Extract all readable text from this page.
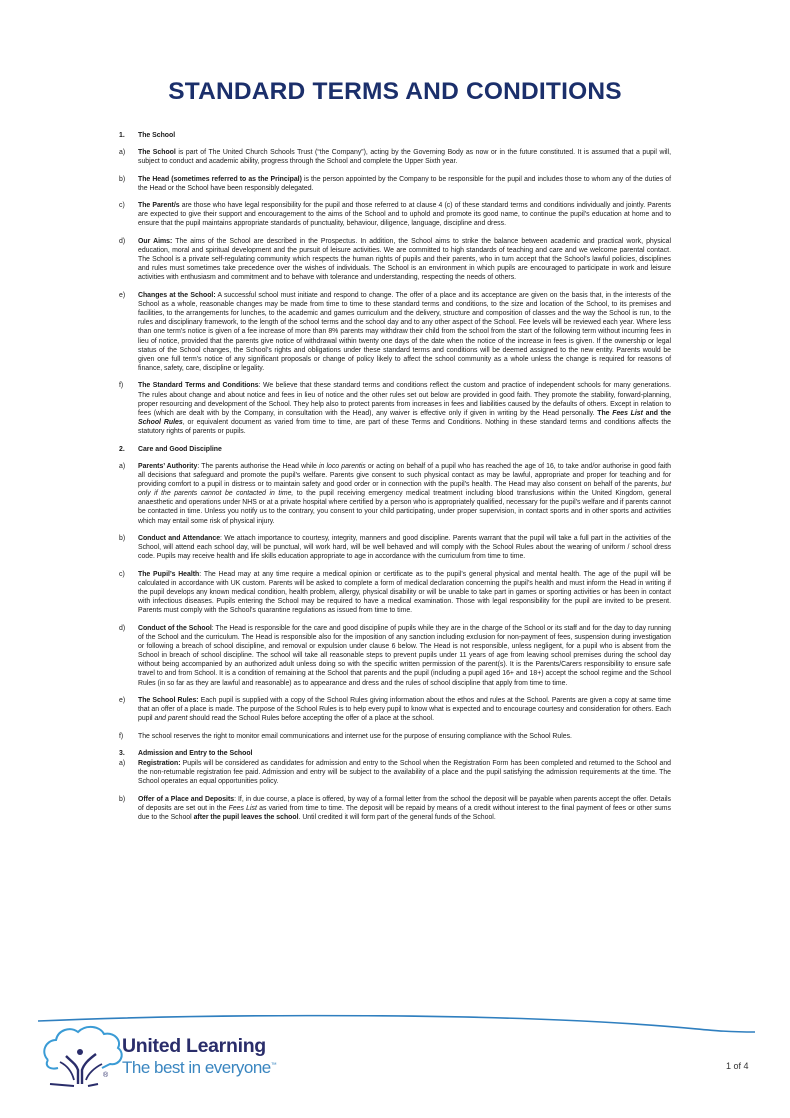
STANDARD TERMS AND CONDITIONS
1.	The School
a)	The School is part of The United Church Schools Trust (“the Company”), acting by the Governing Body as now or in the future constituted. It is assumed that a pupil will, subject to conduct and academic ability, progress through the School and complete the Upper Sixth year.
b)	The Head (sometimes referred to as the Principal) is the person appointed by the Company to be responsible for the pupil and includes those to whom any of the duties of the Head or the School have been responsibly delegated.
c)	The Parent/s are those who have legal responsibility for the pupil and those referred to at clause 4 (c) of these standard terms and conditions individually and jointly. Parents are expected to give their support and encouragement to the aims of the School and to uphold and promote its good name, to continue the pupil’s education at home and to ensure that the pupil maintains appropriate standards of punctuality, behaviour, diligence, language, discipline and dress.
d)	Our Aims: The aims of the School are described in the Prospectus. In addition, the School aims to strike the balance between academic and practical work, physical education, moral and spiritual development and the pursuit of leisure activities. We are committed to high standards of teaching and care and we welcome parental contact. The School is a private self-regulating community which respects the human rights of pupils and their parents, who in turn accept that the School’s lawful policies, disciplines and rules must sometimes take precedence over the wishes of individuals. The School is an environment in which pupils are encouraged to participate in work and leisure activities with enthusiasm and commitment and to behave with tolerance and understanding, respecting the needs of others.
e)	Changes at the School: A successful school must initiate and respond to change. The offer of a place and its acceptance are given on the basis that, in the interests of the School as a whole, reasonable changes may be made from time to time to these standard terms and conditions, to the size and location of the School, to its premises and facilities, to the arrangements for lunches, to the academic and games curriculum and the delivery, structure and composition of classes and the way the School is run, to the rules and disciplinary framework, to the length of the school terms and the school day and to any other aspect of the School. Fee levels will be reviewed each year. Where less than one term’s notice is given of a fee increase of more than 8% parents may withdraw their child from the school from the start of the following term without incurring fees in lieu of notice, provided that the parents give notice of withdrawal within twenty one days of the date when the notice of the increase in fees is given. If the ownership or legal status of the School changes, the School’s rights and obligations under these standard terms and conditions will be deemed assigned to the new entity. Parents would be given one full term’s notice of any significant proposals or change of policy likely to affect the school community as a whole unless the change is required for reasons of finance, safety, care, discipline or legality.
f)	The Standard Terms and Conditions: We believe that these standard terms and conditions reflect the custom and practice of independent schools for many generations. The rules about change and about notice and fees in lieu of notice and the other rules set out below are provided in good faith. They promote the stability, forward-planning, proper resourcing and development of the School. They help also to protect parents from increases in fees and liabilities caused by the defaults of others. Except in relation to fees (which are dealt with by the Company, in consultation with the Head), any waiver is effective only if given in writing by the Head personally. The Fees List and the School Rules, or equivalent document as varied from time to time, are part of these Terms and Conditions. Nothing in these standard terms and conditions affects the statutory rights of parents or pupils.
2.	Care and Good Discipline
a)	Parents’ Authority: The parents authorise the Head while in loco parentis or acting on behalf of a pupil who has reached the age of 16, to take and/or authorise in good faith all decisions that safeguard and promote the pupil’s welfare. Parents give consent to such physical contact as may be lawful, appropriate and proper for teaching and for providing comfort to a pupil in distress or to maintain safety and good order or in connection with the pupil’s health. The Head may also consent on behalf of the parents, but only if the parents cannot be contacted in time, to the pupil receiving emergency medical treatment including blood transfusions within the United Kingdom, general anaesthetic and operations under NHS or at a private hospital where certified by a person who is appropriately qualified, necessary for the pupil’s welfare and if parents cannot be contacted in time. Unless you notify us to the contrary, you consent to your child participating, under proper supervision, in contact sports and in other sports and activities which may entail some risk of physical injury.
b)	Conduct and Attendance: We attach importance to courtesy, integrity, manners and good discipline. Parents warrant that the pupil will take a full part in the activities of the School, will attend each school day, will be punctual, will work hard, will be well behaved and will comply with the School Rules about the wearing of uniform / school dress code. Pupils may receive health and life skills education appropriate to age in accordance with the curriculum from time to time.
c)	The Pupil’s Health: The Head may at any time require a medical opinion or certificate as to the pupil’s general physical and mental health. The age of the pupil will be calculated in accordance with UK custom. Parents will be asked to complete a form of medical declaration concerning the pupil’s health and must inform the Head in writing if the pupil develops any known medical condition, health problem, allergy, physical disability or will be unable to take part in games or sporting activities or has been in contact with infectious diseases. Pupils entering the School may be required to have a medical examination. Those with legal responsibility for the pupil are invited to be present. Parents must comply with the School’s quarantine regulations as issued from time to time.
d)	Conduct of the School: The Head is responsible for the care and good discipline of pupils while they are in the charge of the School or its staff and for the day to day running of the School and the curriculum. The Head is responsible also for the imposition of any sanction including exclusion for non-payment of fees, suspension during investigation or following a breach of school discipline, and removal or expulsion under clause 6 below. The Head is not responsible, unless negligent, for a pupil who is absent from the School in breach of school discipline. The school will take all reasonable steps to prevent pupils under 11 years of age from leaving school premises during the school day without being accompanied by an authorized adult unless doing so with the specific written permission of the parent(s). It is the Parents/Carers responsibility to ensure safe travel to and from School. It is a condition of remaining at the School that parents and the pupil (including a pupil aged 16+ and 18+) accept the school regime and the School Rules (in so far as they are lawful and reasonable) as to appearance and dress and the rules of school discipline that apply from time to time.
e)	The School Rules: Each pupil is supplied with a copy of the School Rules giving information about the ethos and rules at the School. Parents are given a copy at same time that an offer of a place is made. The purpose of the School Rules is to help every pupil to know what is expected and to encourage courtesy and consideration for others. Each pupil and parent should read the School Rules before accepting the offer of a place at the school.
f)	The school reserves the right to monitor email communications and internet use for the purpose of ensuring compliance with the School Rules.
3.	Admission and Entry to the School
a)	Registration: Pupils will be considered as candidates for admission and entry to the School when the Registration Form has been completed and returned to the School and the non-returnable registration fee paid. Admission and entry will be subject to the availability of a place and the pupil satisfying the admission requirements at the time. The School operates an equal opportunities policy.
b)	Offer of a Place and Deposits: If, in due course, a place is offered, by way of a formal letter from the school the deposit will be payable when parents accept the offer. Details of deposits are set out in the Fees List as varied from time to time. The deposit will be repaid by means of a credit without interest to the final payment of fees or other sums due to the School after the pupil leaves the school. Until credited it will form part of the general funds of the School.
®
United Learning
The best in everyone™	1 of 4
